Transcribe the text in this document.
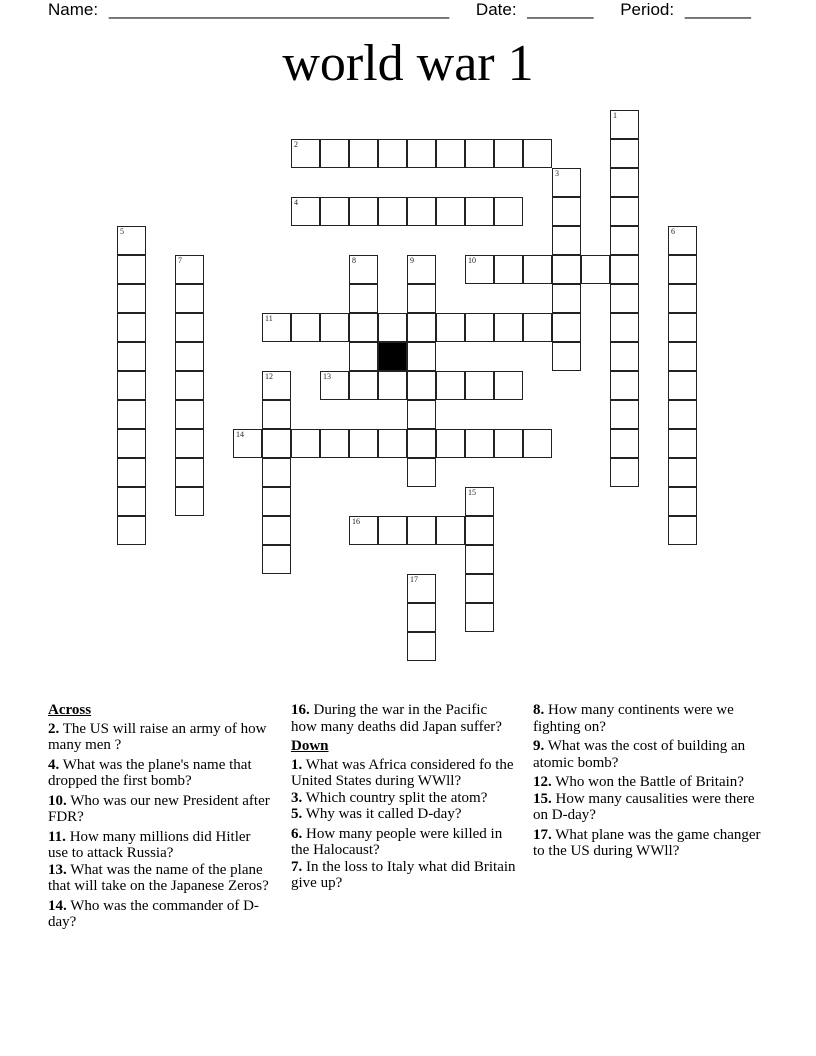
Name: ____________________________________ Date: _______ Period: _______
world war 1
1
2
3
4
5	6
7	8	9	10
11
12	13
14
15
16
17
Across
2. The US will raise an army of how many men ?
4. What was the plane's name that dropped the first bomb?
10. Who was our new President after FDR?
11. How many millions did Hitler use to attack Russia?
13. What was the name of the plane that will take on the Japanese Zeros?
14. Who was the commander of D-day?
16. During the war in the Pacific how many deaths did Japan suffer?
Down
1. What was Africa considered fo the United States during WWll?
3. Which country split the atom?
5. Why was it called D-day?
6. How many people were killed in the Halocaust?
7. In the loss to Italy what did Britain give up?
8. How many continents were we fighting on?
9. What was the cost of building an atomic bomb?
12. Who won the Battle of Britain?
15. How many causalities were there on D-day?
17. What plane was the game changer to the US during WWll?
